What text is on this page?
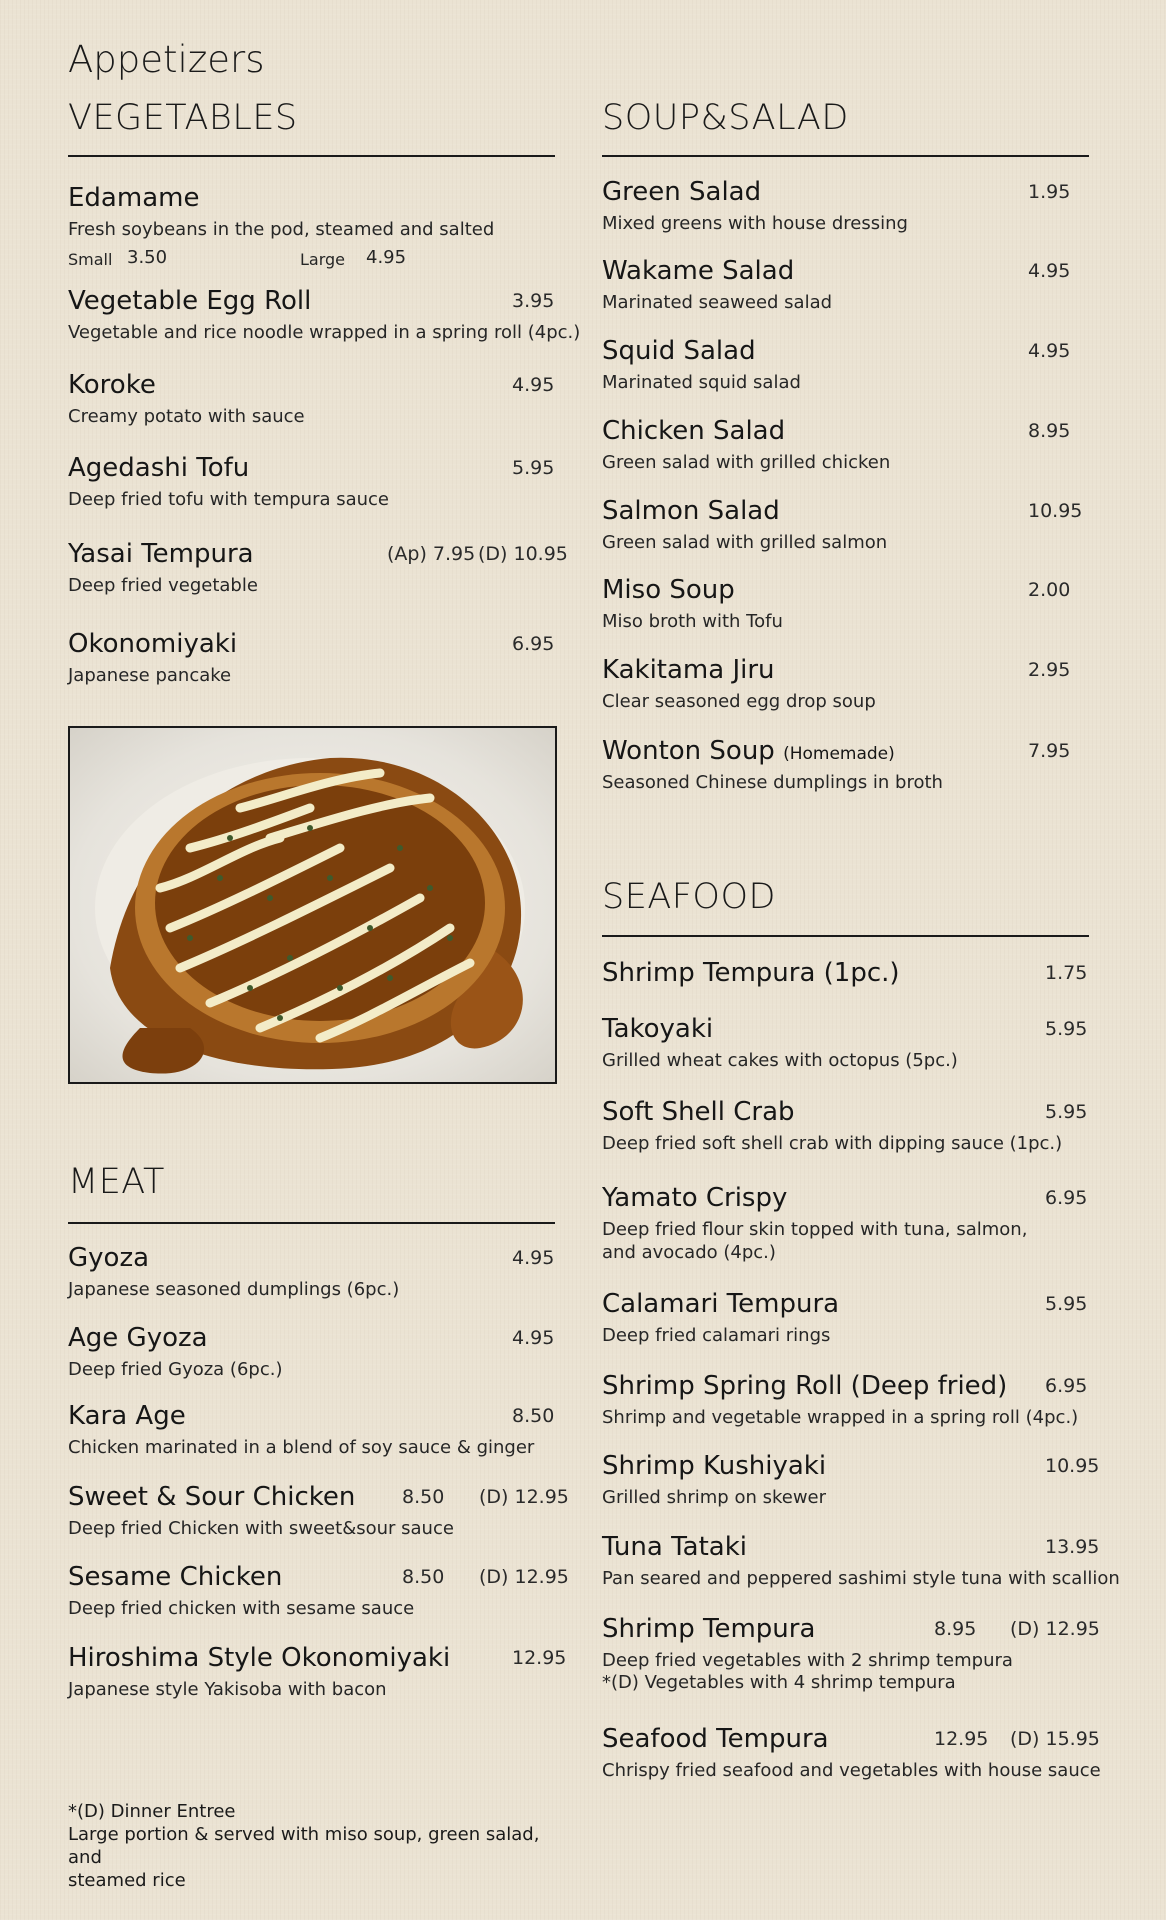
Appetizers
VEGETABLES
Edamame
Fresh soybeans in the pod, steamed and salted
Small 3.50	Large 4.95
Vegetable Egg Roll	3.95
Vegetable and rice noodle wrapped in a spring roll (4pc.)
Koroke	4.95
Creamy potato with sauce
Agedashi Tofu	5.95
Deep fried tofu with tempura sauce
Yasai Tempura	(Ap) 7.95 (D) 10.95
Deep fried vegetable
Okonomiyaki	6.95
Japanese pancake
MEAT
Gyoza	4.95
Japanese seasoned dumplings (6pc.)
Age Gyoza	4.95
Deep fried Gyoza (6pc.)
Kara Age	8.50
Chicken marinated in a blend of soy sauce & ginger
Sweet & Sour Chicken 8.50 (D) 12.95
Deep fried Chicken with sweet&sour sauce
Sesame Chicken	8.50 (D) 12.95
Deep fried chicken with sesame sauce
Hiroshima Style Okonomiyaki	12.95
Japanese style Yakisoba with bacon
*(D) Dinner Entree
Large portion & served with miso soup, green salad, and
steamed rice
SOUP&SALAD
Green Salad	1.95
Mixed greens with house dressing
Wakame Salad	4.95
Marinated seaweed salad
Squid Salad	4.95
Marinated squid salad
Chicken Salad	8.95
Green salad with grilled chicken
Salmon Salad	10.95
Green salad with grilled salmon
Miso Soup	2.00
Miso broth with Tofu
Kakitama Jiru	2.95
Clear seasoned egg drop soup
Wonton Soup (Homemade)	7.95
Seasoned Chinese dumplings in broth
SEAFOOD
Shrimp Tempura (1pc.)	1.75
Takoyaki	5.95
Grilled wheat cakes with octopus (5pc.)
Soft Shell Crab	5.95
Deep fried soft shell crab with dipping sauce (1pc.)
Yamato Crispy	6.95
Deep fried flour skin topped with tuna, salmon,
and avocado (4pc.)
Calamari Tempura	5.95
Deep fried calamari rings
Shrimp Spring Roll (Deep fried) 6.95
Shrimp and vegetable wrapped in a spring roll (4pc.)
Shrimp Kushiyaki	10.95
Grilled shrimp on skewer
Tuna Tataki	13.95
Pan seared and peppered sashimi style tuna with scallion
Shrimp Tempura	8.95 (D) 12.95
Deep fried vegetables with 2 shrimp tempura
*(D) Vegetables with 4 shrimp tempura
Seafood Tempura	12.95 (D) 15.95
Chrispy fried seafood and vegetables with house sauce
